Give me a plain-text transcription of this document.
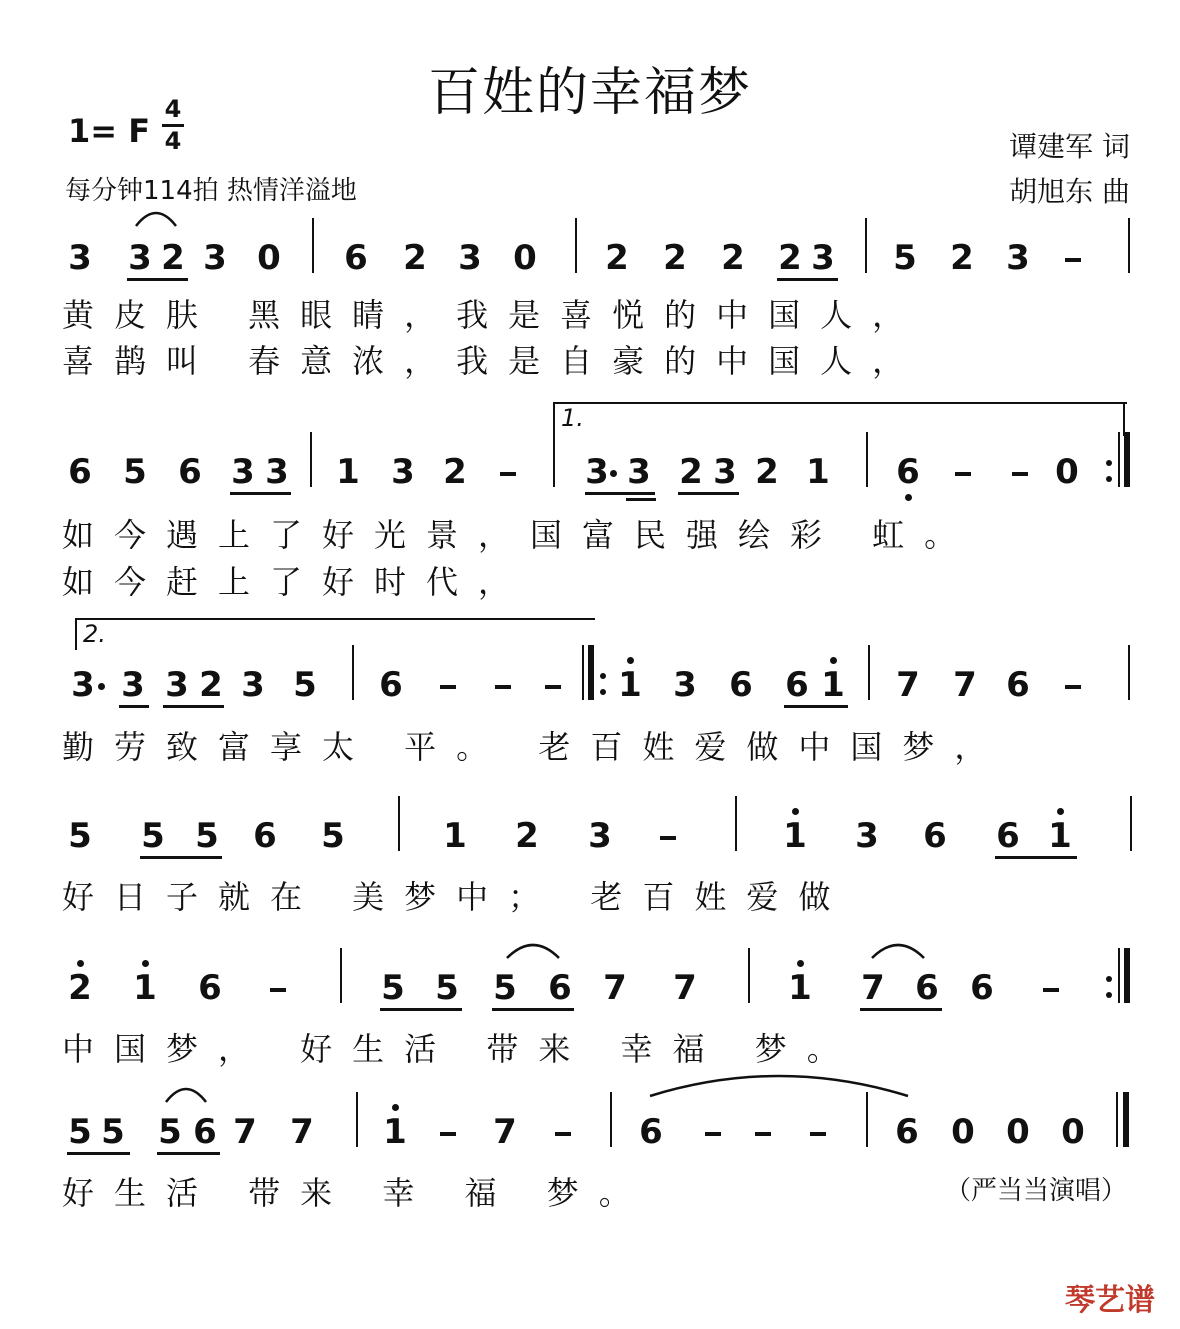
百姓的幸福梦
1= F
4
4
每分钟114拍 热情洋溢地
谭建军 词
胡旭东 曲
3 3 2 3 0 6 2 3 0 2 2 2 2 3 5 2 3
黄皮肤 黑眼睛，我是喜悦的中国人，
喜鹊叫 春意浓，我是自豪的中国人，
1.
6 5 6 3 3 1 3 2	3 3 2 3 2 1 6	0
如今遇上了好光景，国富民强绘彩 虹。
如今赶上了好时代，
2.
3 3 3 2 3 5 6	1 3 6 6 1 7 7 6
勤劳致富享太 平。 老百姓爱做中国梦，
5 5 5 6 5	1 2 3	1 3 6 6 1
好日子就在 美梦中； 老百姓爱做
2 1 6	5 5 5 6 7 7	1 7 6 6
中国梦， 好生活 带来 幸福 梦。
5 5 5 6 7 7 1	7	6	6 0 0 0
好生活 带来 幸 福 梦。	（严当当演唱）
琴艺谱
